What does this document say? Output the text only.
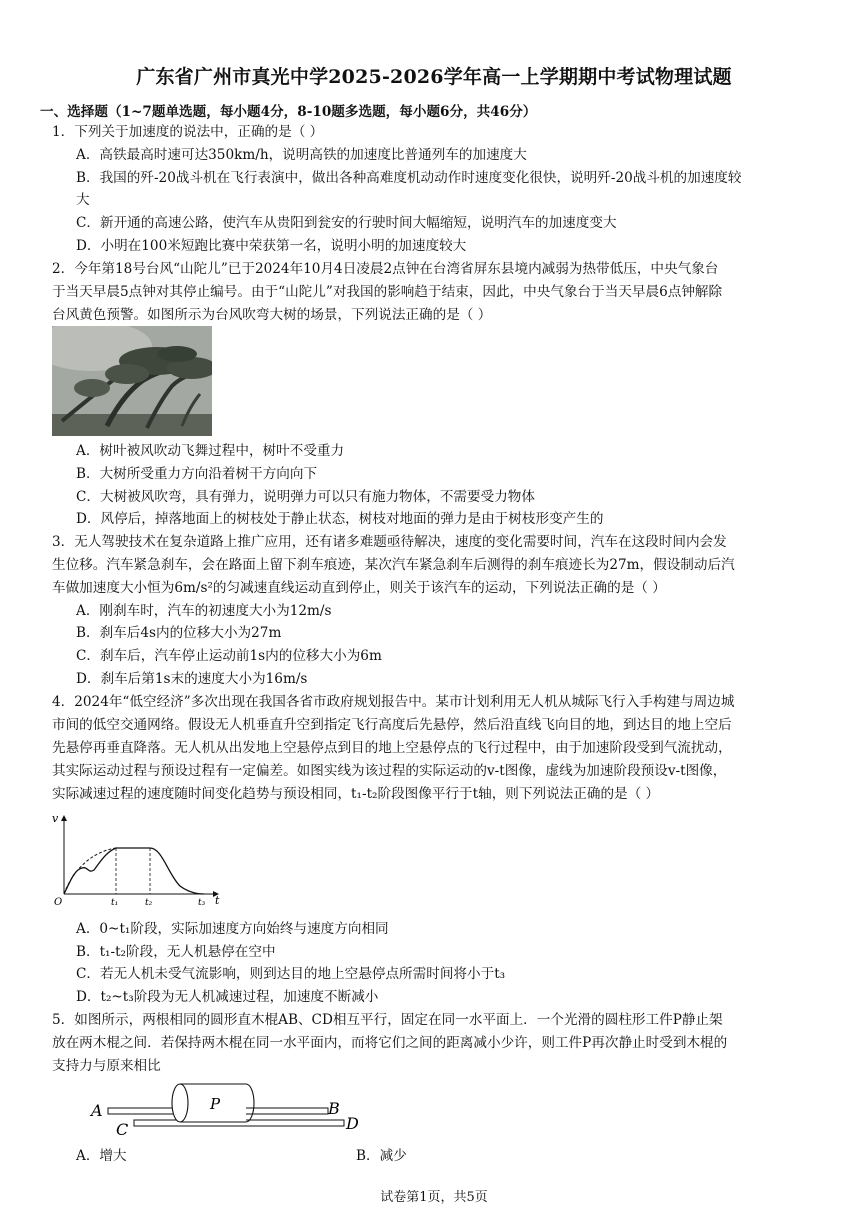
广东省广州市真光中学2025-2026学年高一上学期期中考试物理试题
一、选择题（1~7题单选题，每小题4分，8-10题多选题，每小题6分，共46分）
1．下列关于加速度的说法中，正确的是（ ）
A．高铁最高时速可达350km/h，说明高铁的加速度比普通列车的加速度大
B．我国的歼-20战斗机在飞行表演中，做出各种高难度机动动作时速度变化很快，说明歼-20战斗机的加速度较
大
C．新开通的高速公路，使汽车从贵阳到瓮安的行驶时间大幅缩短，说明汽车的加速度变大
D．小明在100米短跑比赛中荣获第一名，说明小明的加速度较大
2．今年第18号台风“山陀儿”已于2024年10月4日凌晨2点钟在台湾省屏东县境内减弱为热带低压，中央气象台
于当天早晨5点钟对其停止编号。由于“山陀儿”对我国的影响趋于结束，因此，中央气象台于当天早晨6点钟解除
台风黄色预警。如图所示为台风吹弯大树的场景，下列说法正确的是（ ）
A．树叶被风吹动飞舞过程中，树叶不受重力
B．大树所受重力方向沿着树干方向向下
C．大树被风吹弯，具有弹力，说明弹力可以只有施力物体，不需要受力物体
D．风停后，掉落地面上的树枝处于静止状态，树枝对地面的弹力是由于树枝形变产生的
3．无人驾驶技术在复杂道路上推广应用，还有诸多难题亟待解决，速度的变化需要时间，汽车在这段时间内会发
生位移。汽车紧急刹车，会在路面上留下刹车痕迹，某次汽车紧急刹车后测得的刹车痕迹长为27m，假设制动后汽
车做加速度大小恒为6m/s²的匀减速直线运动直到停止，则关于该汽车的运动，下列说法正确的是（ ）
A．刚刹车时，汽车的初速度大小为12m/s
B．刹车后4s内的位移大小为27m
C．刹车后，汽车停止运动前1s内的位移大小为6m
D．刹车后第1s末的速度大小为16m/s
4．2024年“低空经济”多次出现在我国各省市政府规划报告中。某市计划利用无人机从城际飞行入手构建与周边城
市间的低空交通网络。假设无人机垂直升空到指定飞行高度后先悬停，然后沿直线飞向目的地，到达目的地上空后
先悬停再垂直降落。无人机从出发地上空悬停点到目的地上空悬停点的飞行过程中，由于加速阶段受到气流扰动，
其实际运动过程与预设过程有一定偏差。如图实线为该过程的实际运动的v-t图像，虚线为加速阶段预设v-t图像，
实际减速过程的速度随时间变化趋势与预设相同，t₁-t₂阶段图像平行于t轴，则下列说法正确的是（ ）
v
t
O	t₁	t₂	t₃
A．0~t₁阶段，实际加速度方向始终与速度方向相同
B．t₁-t₂阶段，无人机悬停在空中
C．若无人机未受气流影响，则到达目的地上空悬停点所需时间将小于t₃
D．t₂~t₃阶段为无人机减速过程，加速度不断减小
5．如图所示，两根相同的圆形直木棍AB、CD相互平行，固定在同一水平面上．一个光滑的圆柱形工件P静止架
放在两木棍之间．若保持两木棍在同一水平面内，而将它们之间的距离减小少许，则工件P再次静止时受到木棍的
支持力与原来相比
P
A	B
C	D
A．增大	B．减少
试卷第1页，共5页
